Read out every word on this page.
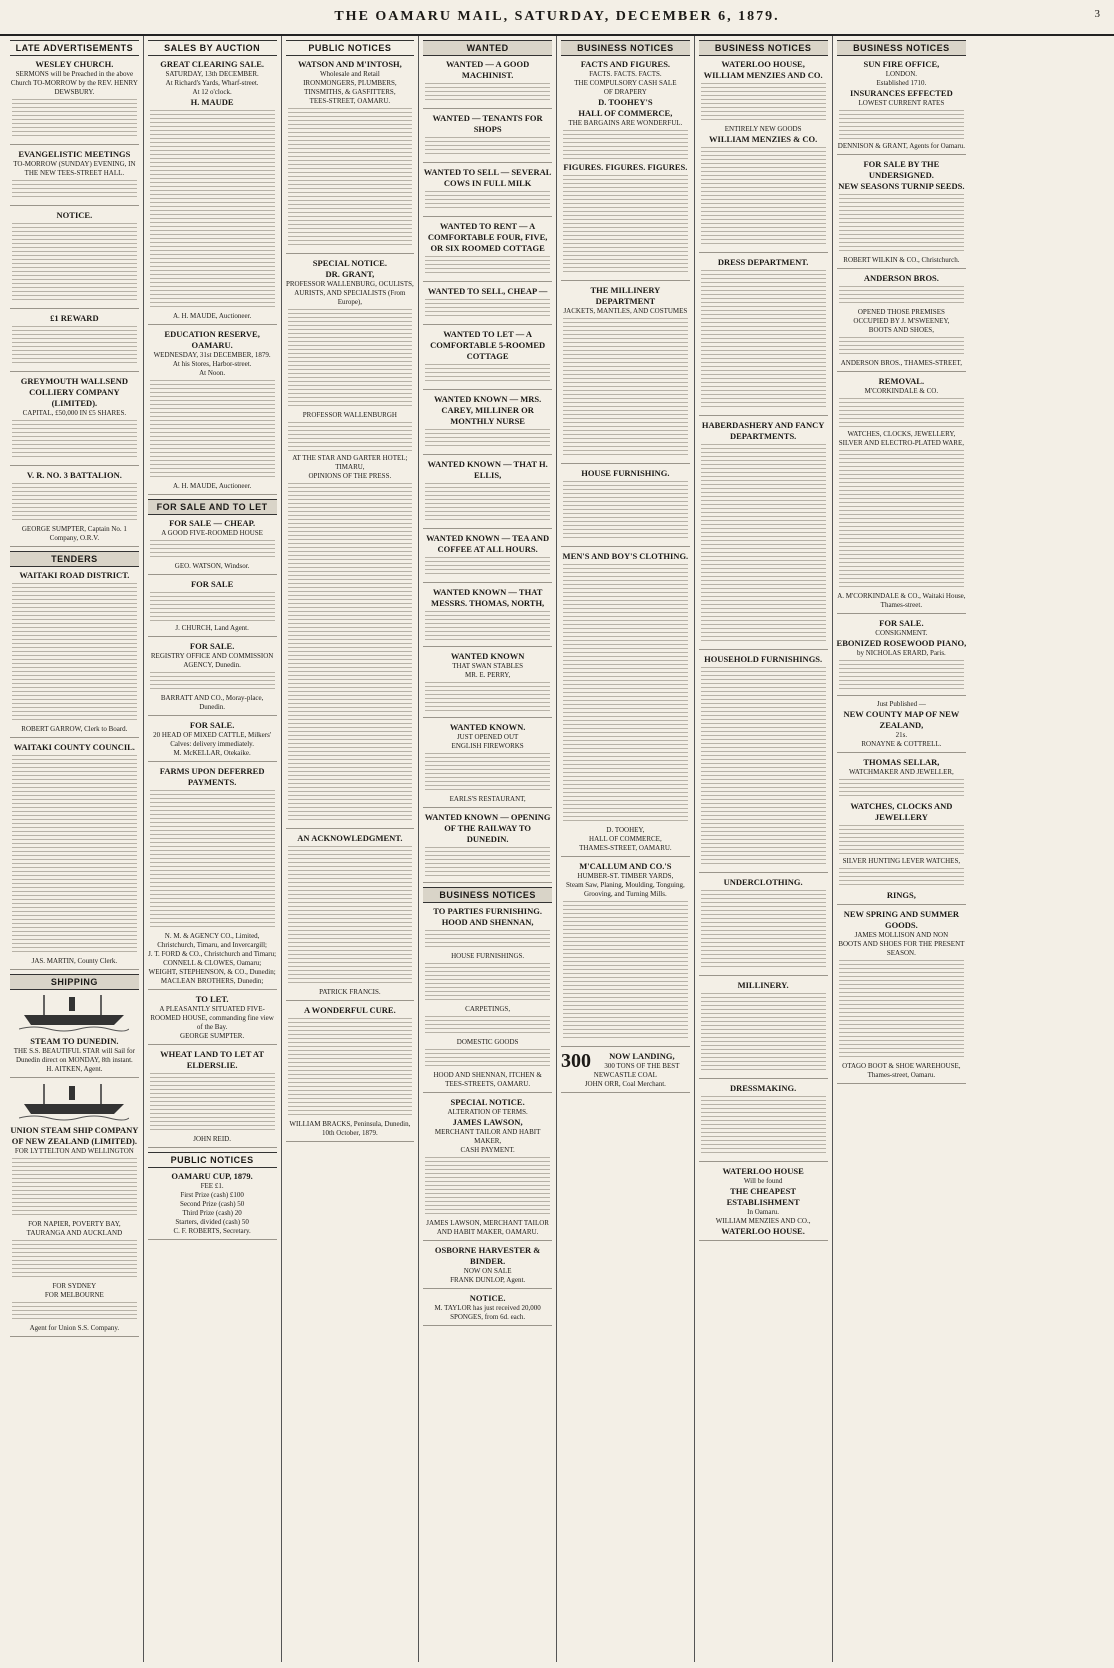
THE OAMARU MAIL, SATURDAY, DECEMBER 6, 1879.	3
LATE ADVERTISEMENTS
WESLEY CHURCH.
SERMONS will be Preached in the above Church TO-MORROW by the REV. HENRY DEWSBURY.
EVANGELISTIC MEETINGS
TO-MORROW (SUNDAY) EVENING, IN THE NEW TEES-STREET HALL.
NOTICE.
£1 REWARD
GREYMOUTH WALLSEND COLLIERY COMPANY (LIMITED).
CAPITAL, £50,000 IN £5 SHARES.
V. R. NO. 3 BATTALION.
GEORGE SUMPTER, Captain No. 1 Company, O.R.V.
TENDERS
WAITAKI ROAD DISTRICT.
ROBERT GARROW, Clerk to Board.
WAITAKI COUNTY COUNCIL.
JAS. MARTIN, County Clerk.
SHIPPING
STEAM TO DUNEDIN.
THE S.S. BEAUTIFUL STAR will Sail for Dunedin direct on MONDAY, 8th instant.
H. AITKEN, Agent.
UNION STEAM SHIP COMPANY OF NEW ZEALAND (LIMITED).
FOR LYTTELTON AND WELLINGTON
FOR NAPIER, POVERTY BAY, TAURANGA AND AUCKLAND
FOR SYDNEY
FOR MELBOURNE
Agent for Union S.S. Company.
SALES BY AUCTION
GREAT CLEARING SALE.
SATURDAY, 13th DECEMBER.
At Richard's Yards, Wharf-street.
At 12 o'clock.
H. MAUDE
A. H. MAUDE, Auctioneer.
EDUCATION RESERVE, OAMARU.
WEDNESDAY, 31st DECEMBER, 1879.
At his Stores, Harbor-street.
At Noon.
A. H. MAUDE, Auctioneer.
FOR SALE AND TO LET
FOR SALE — CHEAP.
A GOOD FIVE-ROOMED HOUSE
GEO. WATSON, Windsor.
FOR SALE
J. CHURCH, Land Agent.
FOR SALE.
REGISTRY OFFICE AND COMMISSION AGENCY, Dunedin.
BARRATT AND CO., Moray-place, Dunedin.
FOR SALE.
20 HEAD OF MIXED CATTLE, Milkers' Calves: delivery immediately.
M. McKELLAR, Otekaike.
FARMS UPON DEFERRED PAYMENTS.
N. M. & AGENCY CO., Limited, Christchurch, Timaru, and Invercargill;
J. T. FORD & CO., Christchurch and Timaru;
CONNELL & CLOWES, Oamaru;
WEIGHT, STEPHENSON, & CO., Dunedin;
MACLEAN BROTHERS, Dunedin;
TO LET.
A PLEASANTLY SITUATED FIVE-ROOMED HOUSE, commanding fine view of the Bay.
GEORGE SUMPTER.
WHEAT LAND TO LET AT ELDERSLIE.
JOHN REID.
PUBLIC NOTICES
OAMARU CUP, 1879.
FEE £1.
First Prize (cash) £100
Second Prize (cash) 50
Third Prize (cash) 20
Starters, divided (cash) 50
C. F. ROBERTS, Secretary.
PUBLIC NOTICES
WATSON AND M'INTOSH,
Wholesale and Retail
IRONMONGERS, PLUMBERS, TINSMITHS, & GASFITTERS,
TEES-STREET, OAMARU.
SPECIAL NOTICE.
DR. GRANT,
PROFESSOR WALLENBURG, OCULISTS, AURISTS, AND SPECIALISTS (From Europe),
PROFESSOR WALLENBURGH
AT THE STAR AND GARTER HOTEL; TIMARU,
OPINIONS OF THE PRESS.
AN ACKNOWLEDGMENT.
PATRICK FRANCIS.
A WONDERFUL CURE.
WILLIAM BRACKS, Peninsula, Dunedin, 10th October, 1879.
WANTED
WANTED — A GOOD MACHINIST.
WANTED — TENANTS FOR SHOPS
WANTED TO SELL — SEVERAL COWS IN FULL MILK
WANTED TO RENT — A COMFORTABLE FOUR, FIVE, OR SIX ROOMED COTTAGE
WANTED TO SELL, CHEAP —
WANTED TO LET — A COMFORTABLE 5-ROOMED COTTAGE
WANTED KNOWN — MRS. CAREY, MILLINER OR MONTHLY NURSE
WANTED KNOWN — THAT H. ELLIS,
WANTED KNOWN — TEA AND COFFEE AT ALL HOURS.
WANTED KNOWN — THAT MESSRS. THOMAS, NORTH,
WANTED KNOWN
THAT SWAN STABLES
MR. E. PERRY,
WANTED KNOWN.
JUST OPENED OUT
ENGLISH FIREWORKS
EARLS'S RESTAURANT,
WANTED KNOWN — OPENING OF THE RAILWAY TO DUNEDIN.
BUSINESS NOTICES
TO PARTIES FURNISHING.
HOOD AND SHENNAN,
HOUSE FURNISHINGS.
CARPETINGS,
DOMESTIC GOODS
HOOD AND SHENNAN, ITCHEN & TEES-STREETS, OAMARU.
SPECIAL NOTICE.
ALTERATION OF TERMS.
JAMES LAWSON,
MERCHANT TAILOR AND HABIT MAKER,
CASH PAYMENT.
JAMES LAWSON, MERCHANT TAILOR AND HABIT MAKER, OAMARU.
OSBORNE HARVESTER & BINDER.
NOW ON SALE
FRANK DUNLOP, Agent.
NOTICE.
M. TAYLOR has just received 20,000 SPONGES, from 6d. each.
BUSINESS NOTICES
FACTS AND FIGURES.
FACTS. FACTS. FACTS.
THE COMPULSORY CASH SALE
OF DRAPERY
D. TOOHEY'S
HALL OF COMMERCE,
THE BARGAINS ARE WONDERFUL.
FIGURES. FIGURES. FIGURES.
THE MILLINERY DEPARTMENT
JACKETS, MANTLES, AND COSTUMES
HOUSE FURNISHING.
MEN'S AND BOY'S CLOTHING.
D. TOOHEY,
HALL OF COMMERCE,
THAMES-STREET, OAMARU.
M'CALLUM AND CO.'S
HUMBER-ST. TIMBER YARDS,
Steam Saw, Planing, Moulding, Tonguing, Grooving, and Turning Mills.
300	NOW LANDING,
300 TONS OF THE BEST NEWCASTLE COAL
JOHN ORR, Coal Merchant.
BUSINESS NOTICES
WATERLOO HOUSE,
WILLIAM MENZIES AND CO.
ENTIRELY NEW GOODS
WILLIAM MENZIES & CO.
DRESS DEPARTMENT.
HABERDASHERY AND FANCY DEPARTMENTS.
HOUSEHOLD FURNISHINGS.
UNDERCLOTHING.
MILLINERY.
DRESSMAKING.
WATERLOO HOUSE
Will be found
THE CHEAPEST ESTABLISHMENT
In Oamaru.
WILLIAM MENZIES AND CO.,
WATERLOO HOUSE.
BUSINESS NOTICES
SUN FIRE OFFICE,
LONDON.
Established 1710.
INSURANCES EFFECTED
LOWEST CURRENT RATES
DENNISON & GRANT, Agents for Oamaru.
FOR SALE BY THE UNDERSIGNED.
NEW SEASONS TURNIP SEEDS.
ROBERT WILKIN & CO., Christchurch.
ANDERSON BROS.
OPENED THOSE PREMISES
OCCUPIED BY J. M'SWEENEY,
BOOTS AND SHOES,
ANDERSON BROS., THAMES-STREET,
REMOVAL.
M'CORKINDALE & CO.
WATCHES, CLOCKS, JEWELLERY, SILVER AND ELECTRO-PLATED WARE,
A. M'CORKINDALE & CO., Waitaki House, Thames-street.
FOR SALE.
CONSIGNMENT.
EBONIZED ROSEWOOD PIANO,
by NICHOLAS ERARD, Paris.
Just Published —
NEW COUNTY MAP OF NEW ZEALAND,
21s.
RONAYNE & COTTRELL.
THOMAS SELLAR,
WATCHMAKER AND JEWELLER,
WATCHES, CLOCKS AND JEWELLERY
SILVER HUNTING LEVER WATCHES,
RINGS,
NEW SPRING AND SUMMER GOODS.
JAMES MOLLISON AND NON
BOOTS AND SHOES FOR THE PRESENT SEASON.
OTAGO BOOT & SHOE WAREHOUSE, Thames-street, Oamaru.
